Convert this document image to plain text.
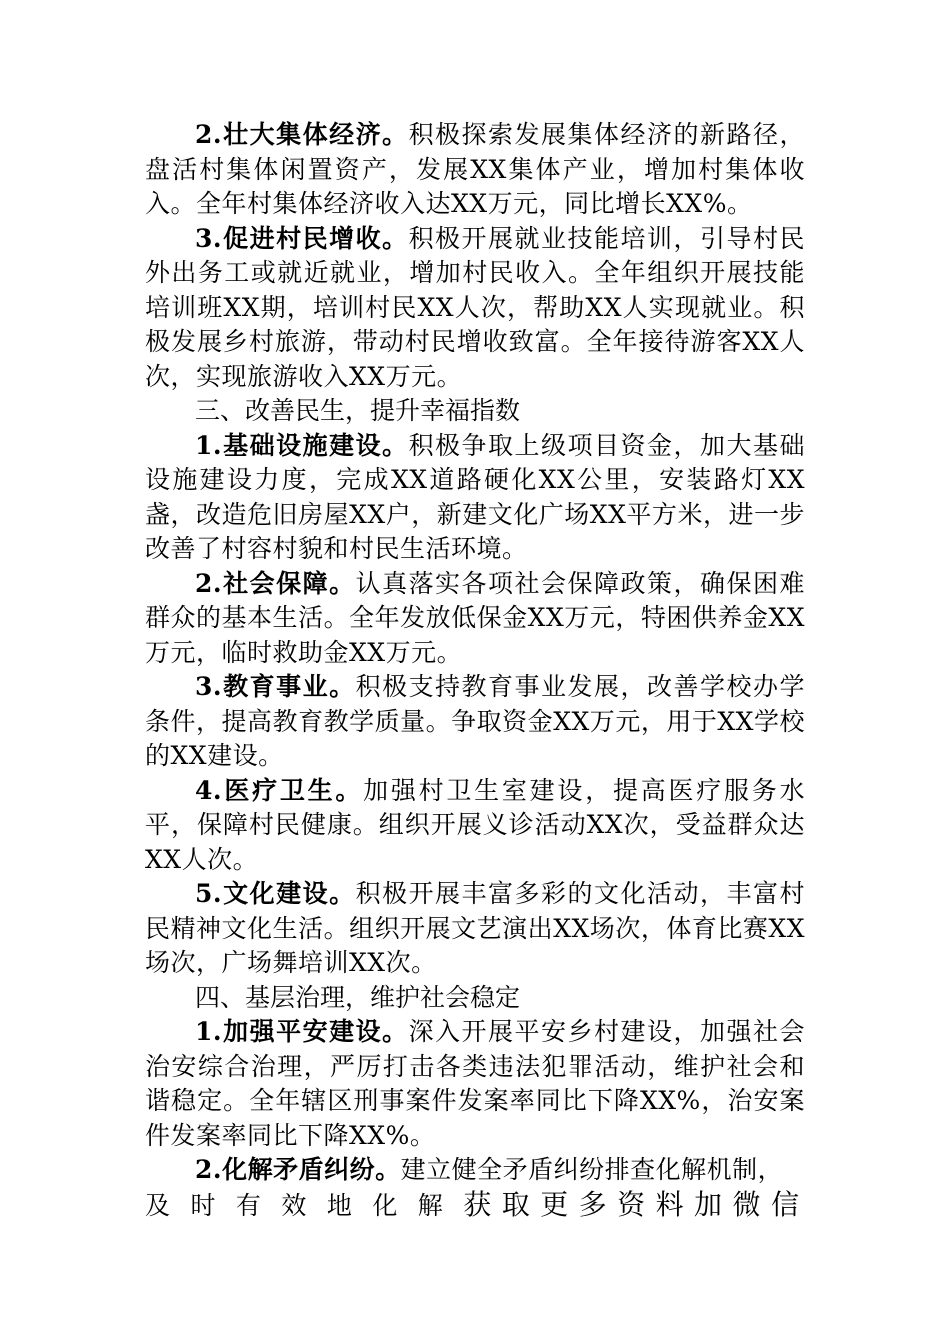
2.壮大集体经济。积极探索发展集体经济的新路径，盘活村集体闲置资产，发展XX集体产业，增加村集体收入。全年村集体经济收入达XX万元，同比增长XX%。

3.促进村民增收。积极开展就业技能培训，引导村民外出务工或就近就业，增加村民收入。全年组织开展技能培训班XX期，培训村民XX人次，帮助XX人实现就业。积极发展乡村旅游，带动村民增收致富。全年接待游客XX人次，实现旅游收入XX万元。

三、改善民生，提升幸福指数

1.基础设施建设。积极争取上级项目资金，加大基础设施建设力度，完成XX道路硬化XX公里，安装路灯XX盏，改造危旧房屋XX户，新建文化广场XX平方米，进一步改善了村容村貌和村民生活环境。

2.社会保障。认真落实各项社会保障政策，确保困难群众的基本生活。全年发放低保金XX万元，特困供养金XX万元，临时救助金XX万元。

3.教育事业。积极支持教育事业发展，改善学校办学条件，提高教育教学质量。争取资金XX万元，用于XX学校的XX建设。

4.医疗卫生。加强村卫生室建设，提高医疗服务水平，保障村民健康。组织开展义诊活动XX次，受益群众达XX人次。

5.文化建设。积极开展丰富多彩的文化活动，丰富村民精神文化生活。组织开展文艺演出XX场次，体育比赛XX场次，广场舞培训XX次。

四、基层治理，维护社会稳定

1.加强平安建设。深入开展平安乡村建设，加强社会治安综合治理，严厉打击各类违法犯罪活动，维护社会和谐稳定。全年辖区刑事案件发案率同比下降XX%，治安案件发案率同比下降XX%。

2.化解矛盾纠纷。建立健全矛盾纠纷排查化解机制，

及时有效地化解获取更多资料加微信
